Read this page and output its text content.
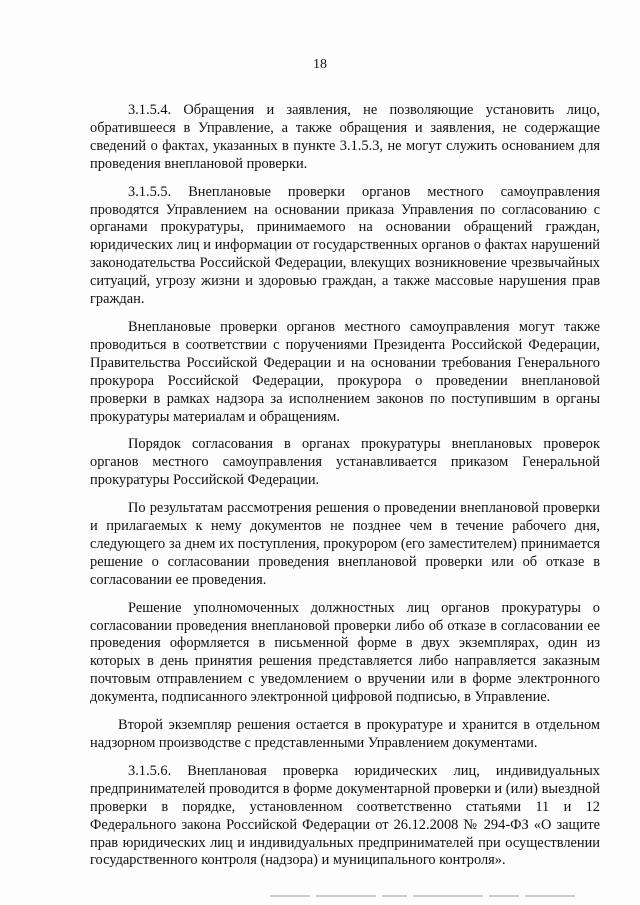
18

3.1.5.4. Обращения и заявления, не позволяющие установить лицо, обратившееся в Управление, а также обращения и заявления, не содержащие сведений о фактах, указанных в пункте 3.1.5.3, не могут служить основанием для проведения внеплановой проверки.

3.1.5.5. Внеплановые проверки органов местного самоуправления проводятся Управлением на основании приказа Управления по согласованию с органами прокуратуры, принимаемого на основании обращений граждан, юридических лиц и информации от государственных органов о фактах нарушений законодательства Российской Федерации, влекущих возникновение чрезвычайных ситуаций, угрозу жизни и здоровью граждан, а также массовые нарушения прав граждан.

Внеплановые проверки органов местного самоуправления могут также проводиться в соответствии с поручениями Президента Российской Федерации, Правительства Российской Федерации и на основании требования Генерального прокурора Российской Федерации, прокурора о проведении внеплановой проверки в рамках надзора за исполнением законов по поступившим в органы прокуратуры материалам и обращениям.

Порядок согласования в органах прокуратуры внеплановых проверок органов местного самоуправления устанавливается приказом Генеральной прокуратуры Российской Федерации.

По результатам рассмотрения решения о проведении внеплановой проверки и прилагаемых к нему документов не позднее чем в течение рабочего дня, следующего за днем их поступления, прокурором (его заместителем) принимается решение о согласовании проведения внеплановой проверки или об отказе в согласовании ее проведения.

Решение уполномоченных должностных лиц органов прокуратуры о согласовании проведения внеплановой проверки либо об отказе в согласовании ее проведения оформляется в письменной форме в двух экземплярах, один из которых в день принятия решения представляется либо направляется заказным почтовым отправлением с уведомлением о вручении или в форме электронного документа, подписанного электронной цифровой подписью, в Управление.

Второй экземпляр решения остается в прокуратуре и хранится в отдельном надзорном производстве с представленными Управлением документами.

3.1.5.6. Внеплановая проверка юридических лиц, индивидуальных предпринимателей проводится в форме документарной проверки и (или) выездной проверки в порядке, установленном соответственно статьями 11 и 12 Федерального закона Российской Федерации от 26.12.2008 № 294-ФЗ «О защите прав юридических лиц и индивидуальных предпринимателей при осуществлении государственного контроля (надзора) и муниципального контроля».
